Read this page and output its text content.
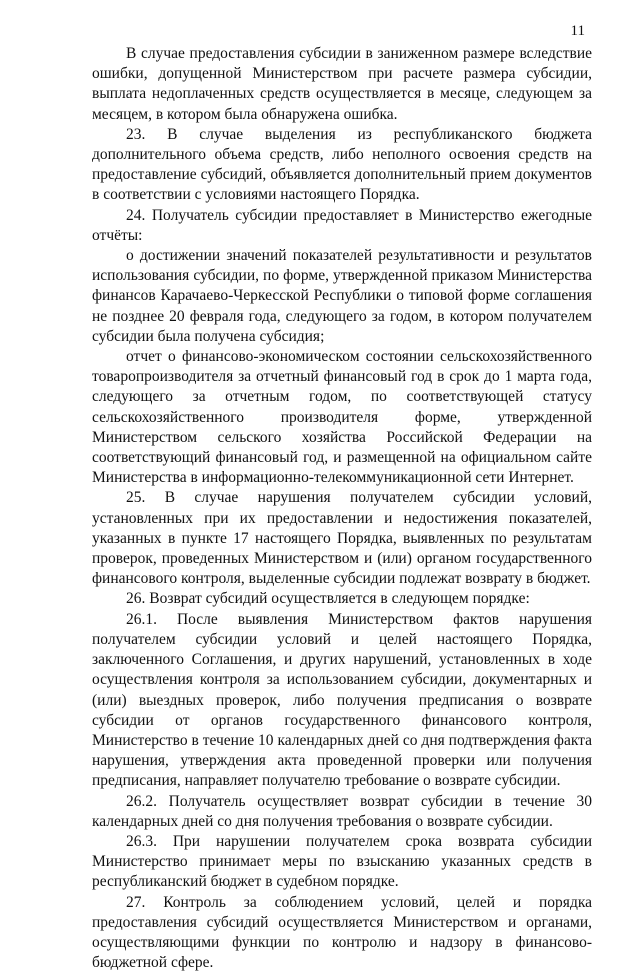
11

В случае предоставления субсидии в заниженном размере вследствие ошибки, допущенной Министерством при расчете размера субсидии, выплата недоплаченных средств осуществляется в месяце, следующем за месяцем, в котором была обнаружена ошибка.

23. В случае выделения из республиканского бюджета дополнительного объема средств, либо неполного освоения средств на предоставление субсидий, объявляется дополнительный прием документов в соответствии с условиями настоящего Порядка.

24. Получатель субсидии предоставляет в Министерство ежегодные отчёты:

о достижении значений показателей результативности и результатов использования субсидии, по форме, утвержденной приказом Министерства финансов Карачаево-Черкесской Республики о типовой форме соглашения не позднее 20 февраля года, следующего за годом, в котором получателем субсидии была получена субсидия;

отчет о финансово-экономическом состоянии сельскохозяйственного товаропроизводителя за отчетный финансовый год в срок до 1 марта года, следующего за отчетным годом, по соответствующей статусу сельскохозяйственного производителя форме, утвержденной Министерством сельского хозяйства Российской Федерации на соответствующий финансовый год, и размещенной на официальном сайте Министерства в информационно-телекоммуникационной сети Интернет.

25. В случае нарушения получателем субсидии условий, установленных при их предоставлении и недостижения показателей, указанных в пункте 17 настоящего Порядка, выявленных по результатам проверок, проведенных Министерством и (или) органом государственного финансового контроля, выделенные субсидии подлежат возврату в бюджет.

26. Возврат субсидий осуществляется в следующем порядке:

26.1. После выявления Министерством фактов нарушения получателем субсидии условий и целей настоящего Порядка, заключенного Соглашения, и других нарушений, установленных в ходе осуществления контроля за использованием субсидии, документарных и (или) выездных проверок, либо получения предписания о возврате субсидии от органов государственного финансового контроля, Министерство в течение 10 календарных дней со дня подтверждения факта нарушения, утверждения акта проведенной проверки или получения предписания, направляет получателю требование о возврате субсидии.

26.2. Получатель осуществляет возврат субсидии в течение 30 календарных дней со дня получения требования о возврате субсидии.

26.3. При нарушении получателем срока возврата субсидии Министерство принимает меры по взысканию указанных средств в республиканский бюджет в судебном порядке.

27. Контроль за соблюдением условий, целей и порядка предоставления субсидий осуществляется Министерством и органами, осуществляющими функции по контролю и надзору в финансово-бюджетной сфере.
